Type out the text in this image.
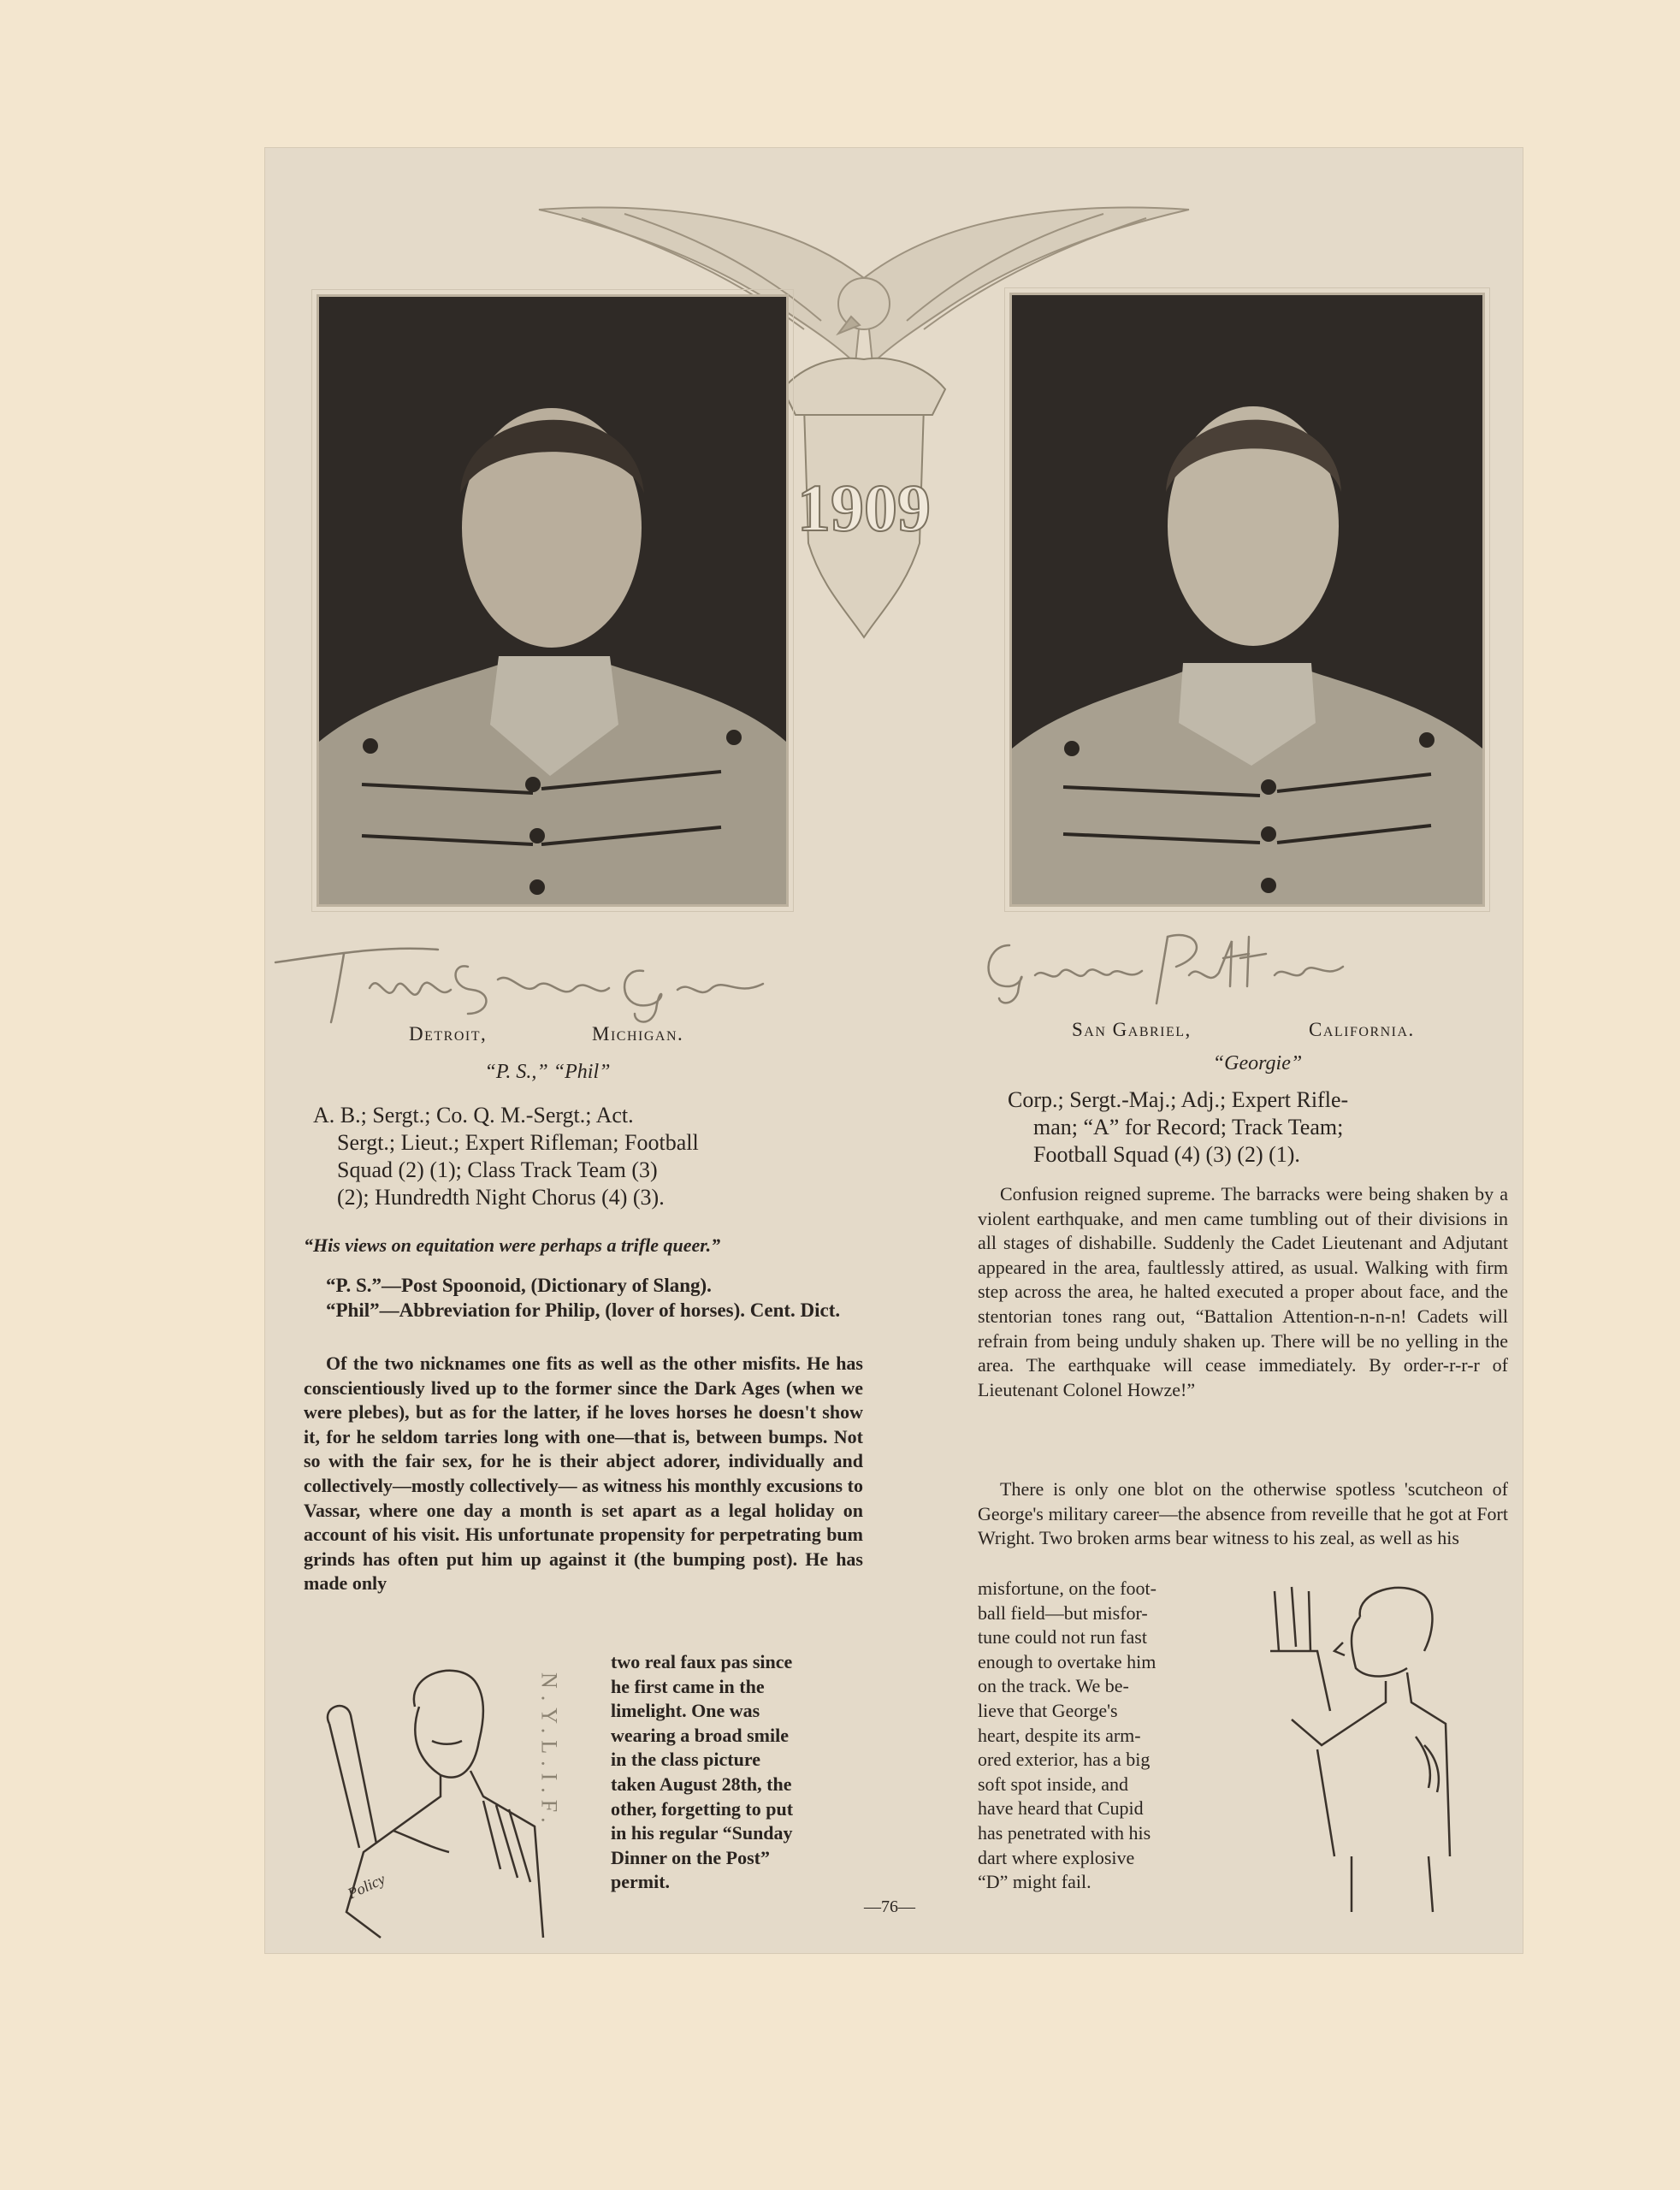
1909
Detroit,	Michigan.
“P. S.,” “Phil”
A. B.; Sergt.; Co. Q. M.-Sergt.; Act.
Sergt.; Lieut.; Expert Rifleman; Football
Squad (2) (1); Class Track Team (3)
(2); Hundredth Night Chorus (4) (3).
“His views on equitation were perhaps a trifle queer.”

“P. S.”—Post Spoonoid, (Dictionary of Slang).

“Phil”—Abbreviation for Philip, (lover of horses). Cent. Dict.

Of the two nicknames one fits as well as the other misfits. He has conscientiously lived up to the former since the Dark Ages (when we were plebes), but as for the latter, if he loves horses he doesn't show it, for he seldom tarries long with one—that is, between bumps. Not so with the fair sex, for he is their abject adorer, individually and collectively—mostly collectively— as witness his monthly excusions to Vassar, where one day a month is set apart as a legal holiday on account of his visit. His unfortunate propensity for perpetrating bum grinds has often put him up against it (the bumping post). He has made only

two real faux pas since
he first came in the
limelight. One was
wearing a broad smile
in the class picture
taken August 28th, the
other, forgetting to put
in his regular “Sunday
Dinner on the Post”
permit.
Policy
N.Y.L.I.F.
San Gabriel,	California.
“Georgie”
Corp.; Sergt.-Maj.; Adj.; Expert Rifle-
man; “A” for Record; Track Team;
Football Squad (4) (3) (2) (1).

Confusion reigned supreme. The barracks were being shaken by a violent earthquake, and men came tumbling out of their divisions in all stages of dishabille. Suddenly the Cadet Lieutenant and Adjutant appeared in the area, faultlessly attired, as usual. Walking with firm step across the area, he halted executed a proper about face, and the stentorian tones rang out, “Battalion Attention-n-n-n! Cadets will refrain from being unduly shaken up. There will be no yelling in the area. The earthquake will cease immediately. By order-r-r-r of Lieutenant Colonel Howze!”

There is only one blot on the otherwise spotless 'scutcheon of George's military career—the absence from reveille that he got at Fort Wright. Two broken arms bear witness to his zeal, as well as his

misfortune, on the foot-
ball field—but misfor-
tune could not run fast
enough to overtake him
on the track. We be-
lieve that George's
heart, despite its arm-
ored exterior, has a big
soft spot inside, and
have heard that Cupid
has penetrated with his
dart where explosive
“D” might fail.
—76—
